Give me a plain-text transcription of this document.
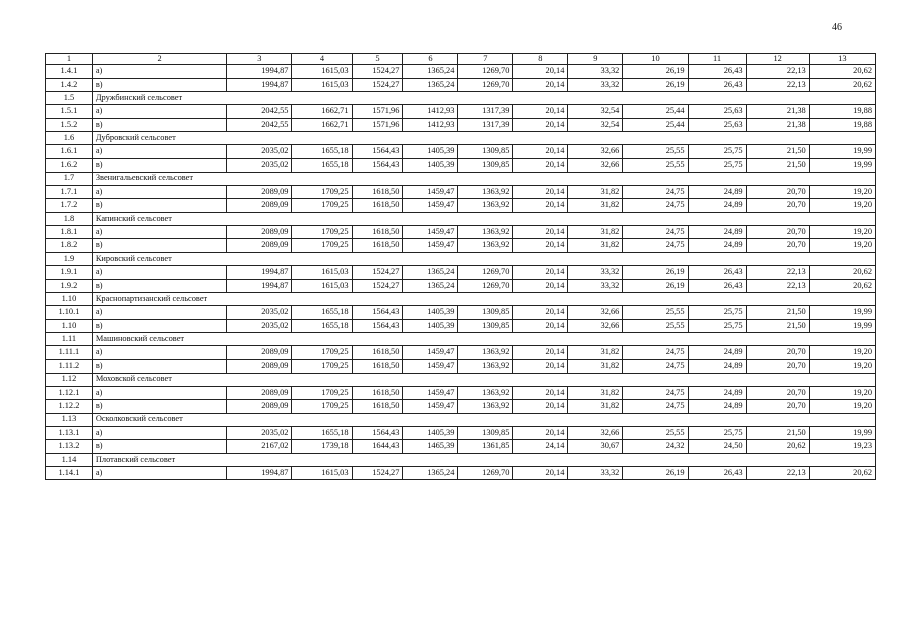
46
1	2	3	4	5	6	7	8	9	10	11	12	13
1.4.1	а)	1994,87	1615,03	1524,27	1365,24	1269,70	20,14	33,32	26,19	26,43	22,13	20,62
1.4.2	в)	1994,87	1615,03	1524,27	1365,24	1269,70	20,14	33,32	26,19	26,43	22,13	20,62
1.5	Дружбинский сельсовет											
1.5.1	а)	2042,55	1662,71	1571,96	1412,93	1317,39	20,14	32,54	25,44	25,63	21,38	19,88
1.5.2	в)	2042,55	1662,71	1571,96	1412,93	1317,39	20,14	32,54	25,44	25,63	21,38	19,88
1.6	Дубровский сельсовет											
1.6.1	а)	2035,02	1655,18	1564,43	1405,39	1309,85	20,14	32,66	25,55	25,75	21,50	19,99
1.6.2	в)	2035,02	1655,18	1564,43	1405,39	1309,85	20,14	32,66	25,55	25,75	21,50	19,99
1.7	Звенигальевский сельсовет											
1.7.1	а)	2089,09	1709,25	1618,50	1459,47	1363,92	20,14	31,82	24,75	24,89	20,70	19,20
1.7.2	в)	2089,09	1709,25	1618,50	1459,47	1363,92	20,14	31,82	24,75	24,89	20,70	19,20
1.8	Капинский сельсовет											
1.8.1	а)	2089,09	1709,25	1618,50	1459,47	1363,92	20,14	31,82	24,75	24,89	20,70	19,20
1.8.2	в)	2089,09	1709,25	1618,50	1459,47	1363,92	20,14	31,82	24,75	24,89	20,70	19,20
1.9	Кировский сельсовет											
1.9.1	а)	1994,87	1615,03	1524,27	1365,24	1269,70	20,14	33,32	26,19	26,43	22,13	20,62
1.9.2	в)	1994,87	1615,03	1524,27	1365,24	1269,70	20,14	33,32	26,19	26,43	22,13	20,62
1.10	Краснопартизанский сельсовет											
1.10.1	а)	2035,02	1655,18	1564,43	1405,39	1309,85	20,14	32,66	25,55	25,75	21,50	19,99
1.10	в)	2035,02	1655,18	1564,43	1405,39	1309,85	20,14	32,66	25,55	25,75	21,50	19,99
1.11	Машиновский сельсовет											
1.11.1	а)	2089,09	1709,25	1618,50	1459,47	1363,92	20,14	31,82	24,75	24,89	20,70	19,20
1.11.2	в)	2089,09	1709,25	1618,50	1459,47	1363,92	20,14	31,82	24,75	24,89	20,70	19,20
1.12	Моховской сельсовет											
1.12.1	а)	2089,09	1709,25	1618,50	1459,47	1363,92	20,14	31,82	24,75	24,89	20,70	19,20
1.12.2	в)	2089,09	1709,25	1618,50	1459,47	1363,92	20,14	31,82	24,75	24,89	20,70	19,20
1.13	Осколковский сельсовет											
1.13.1	а)	2035,02	1655,18	1564,43	1405,39	1309,85	20,14	32,66	25,55	25,75	21,50	19,99
1.13.2	в)	2167,02	1739,18	1644,43	1465,39	1361,85	24,14	30,67	24,32	24,50	20,62	19,23
1.14	Плотавский сельсовет											
1.14.1	а)	1994,87	1615,03	1524,27	1365,24	1269,70	20,14	33,32	26,19	26,43	22,13	20,62
